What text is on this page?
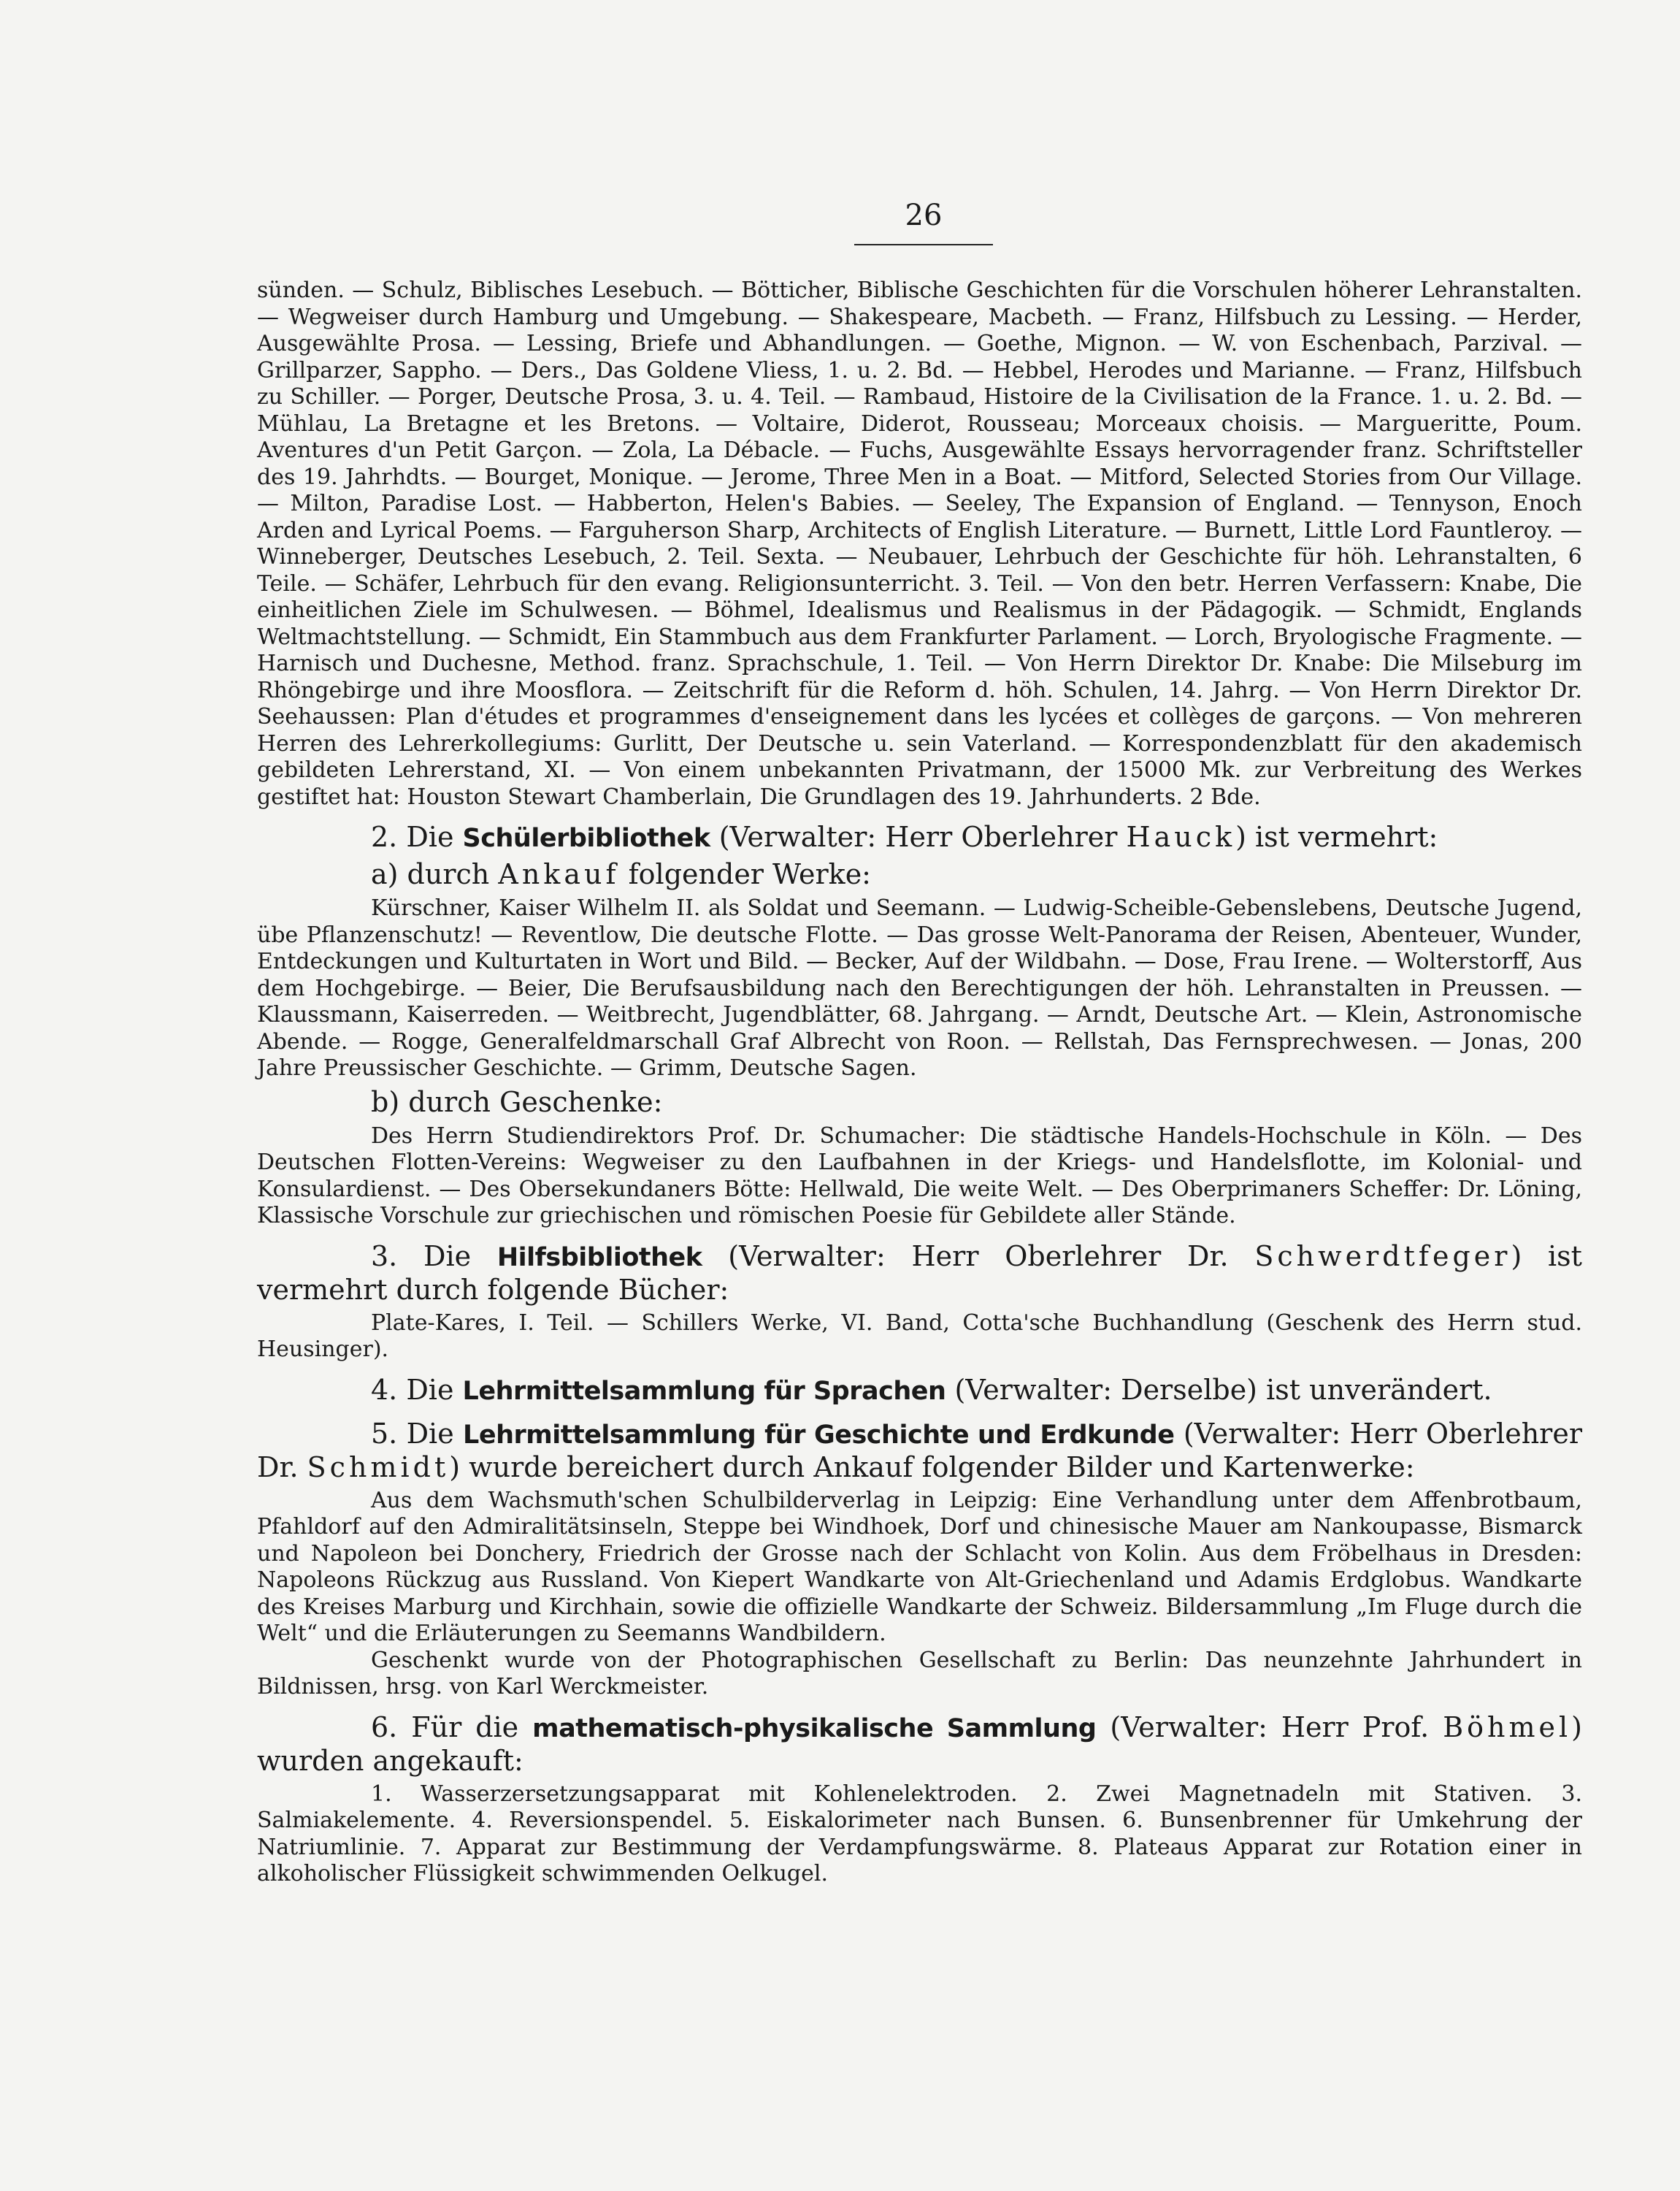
26

sünden. — Schulz, Biblisches Lesebuch. — Bötticher, Biblische Geschichten für die Vorschulen höherer Lehranstalten. — Wegweiser durch Hamburg und Umgebung. — Shakespeare, Macbeth. — Franz, Hilfsbuch zu Lessing. — Herder, Ausgewählte Prosa. — Lessing, Briefe und Abhandlungen. — Goethe, Mignon. — W. von Eschenbach, Parzival. — Grillparzer, Sappho. — Ders., Das Goldene Vliess, 1. u. 2. Bd. — Hebbel, Herodes und Marianne. — Franz, Hilfsbuch zu Schiller. — Porger, Deutsche Prosa, 3. u. 4. Teil. — Rambaud, Histoire de la Civilisation de la France. 1. u. 2. Bd. — Mühlau, La Bretagne et les Bretons. — Voltaire, Diderot, Rousseau; Morceaux choisis. — Margueritte, Poum. Aventures d'un Petit Garçon. — Zola, La Débacle. — Fuchs, Ausgewählte Essays hervorragender franz. Schriftsteller des 19. Jahrhdts. — Bourget, Monique. — Jerome, Three Men in a Boat. — Mitford, Selected Stories from Our Village. — Milton, Paradise Lost. — Habberton, Helen's Babies. — Seeley, The Expansion of England. — Tennyson, Enoch Arden and Lyrical Poems. — Farguherson Sharp, Architects of English Literature. — Burnett, Little Lord Fauntleroy. — Winneberger, Deutsches Lesebuch, 2. Teil. Sexta. — Neubauer, Lehrbuch der Geschichte für höh. Lehranstalten, 6 Teile. — Schäfer, Lehrbuch für den evang. Religionsunterricht. 3. Teil. — Von den betr. Herren Verfassern: Knabe, Die einheitlichen Ziele im Schulwesen. — Böhmel, Idealismus und Realismus in der Pädagogik. — Schmidt, Englands Weltmachtstellung. — Schmidt, Ein Stammbuch aus dem Frankfurter Parlament. — Lorch, Bryologische Fragmente. — Harnisch und Duchesne, Method. franz. Sprachschule, 1. Teil. — Von Herrn Direktor Dr. Knabe: Die Milseburg im Rhöngebirge und ihre Moosflora. — Zeitschrift für die Reform d. höh. Schulen, 14. Jahrg. — Von Herrn Direktor Dr. Seehaussen: Plan d'études et programmes d'enseignement dans les lycées et collèges de garçons. — Von mehreren Herren des Lehrerkollegiums: Gurlitt, Der Deutsche u. sein Vaterland. — Korrespondenzblatt für den akademisch gebildeten Lehrerstand, XI. — Von einem unbekannten Privatmann, der 15000 Mk. zur Verbreitung des Werkes gestiftet hat: Houston Stewart Chamberlain, Die Grundlagen des 19. Jahrhunderts. 2 Bde.

2. Die Schülerbibliothek (Verwalter: Herr Oberlehrer Hauck) ist vermehrt:

a) durch Ankauf folgender Werke:

Kürschner, Kaiser Wilhelm II. als Soldat und Seemann. — Ludwig-Scheible-Gebenslebens, Deutsche Jugend, übe Pflanzenschutz! — Reventlow, Die deutsche Flotte. — Das grosse Welt-Panorama der Reisen, Abenteuer, Wunder, Entdeckungen und Kulturtaten in Wort und Bild. — Becker, Auf der Wildbahn. — Dose, Frau Irene. — Wolterstorff, Aus dem Hochgebirge. — Beier, Die Berufsausbildung nach den Berechtigungen der höh. Lehranstalten in Preussen. — Klaussmann, Kaiserreden. — Weitbrecht, Jugendblätter, 68. Jahrgang. — Arndt, Deutsche Art. — Klein, Astronomische Abende. — Rogge, Generalfeldmarschall Graf Albrecht von Roon. — Rellstah, Das Fernsprechwesen. — Jonas, 200 Jahre Preussischer Geschichte. — Grimm, Deutsche Sagen.

b) durch Geschenke:

Des Herrn Studiendirektors Prof. Dr. Schumacher: Die städtische Handels-Hochschule in Köln. — Des Deutschen Flotten-Vereins: Wegweiser zu den Laufbahnen in der Kriegs- und Handelsflotte, im Kolonial- und Konsulardienst. — Des Obersekundaners Bötte: Hellwald, Die weite Welt. — Des Oberprimaners Scheffer: Dr. Löning, Klassische Vorschule zur griechischen und römischen Poesie für Gebildete aller Stände.

3. Die Hilfsbibliothek (Verwalter: Herr Oberlehrer Dr. Schwerdtfeger) ist vermehrt durch folgende Bücher:

Plate-Kares, I. Teil. — Schillers Werke, VI. Band, Cotta'sche Buchhandlung (Geschenk des Herrn stud. Heusinger).

4. Die Lehrmittelsammlung für Sprachen (Verwalter: Derselbe) ist unverändert.

5. Die Lehrmittelsammlung für Geschichte und Erdkunde (Verwalter: Herr Oberlehrer Dr. Schmidt) wurde bereichert durch Ankauf folgender Bilder und Kartenwerke:

Aus dem Wachsmuth'schen Schulbilderverlag in Leipzig: Eine Verhandlung unter dem Affenbrotbaum, Pfahldorf auf den Admiralitätsinseln, Steppe bei Windhoek, Dorf und chinesische Mauer am Nankoupasse, Bismarck und Napoleon bei Donchery, Friedrich der Grosse nach der Schlacht von Kolin. Aus dem Fröbelhaus in Dresden: Napoleons Rückzug aus Russland. Von Kiepert Wandkarte von Alt-Griechenland und Adamis Erdglobus. Wandkarte des Kreises Marburg und Kirchhain, sowie die offizielle Wandkarte der Schweiz. Bildersammlung „Im Fluge durch die Welt“ und die Erläuterungen zu Seemanns Wandbildern.

Geschenkt wurde von der Photographischen Gesellschaft zu Berlin: Das neunzehnte Jahrhundert in Bildnissen, hrsg. von Karl Werckmeister.

6. Für die mathematisch-physikalische Sammlung (Verwalter: Herr Prof. Böhmel) wurden angekauft:

1. Wasserzersetzungsapparat mit Kohlenelektroden. 2. Zwei Magnetnadeln mit Stativen. 3. Salmiakelemente. 4. Reversionspendel. 5. Eiskalorimeter nach Bunsen. 6. Bunsenbrenner für Umkehrung der Natriumlinie. 7. Apparat zur Bestimmung der Verdampfungswärme. 8. Plateaus Apparat zur Rotation einer in alkoholischer Flüssigkeit schwimmenden Oelkugel.
